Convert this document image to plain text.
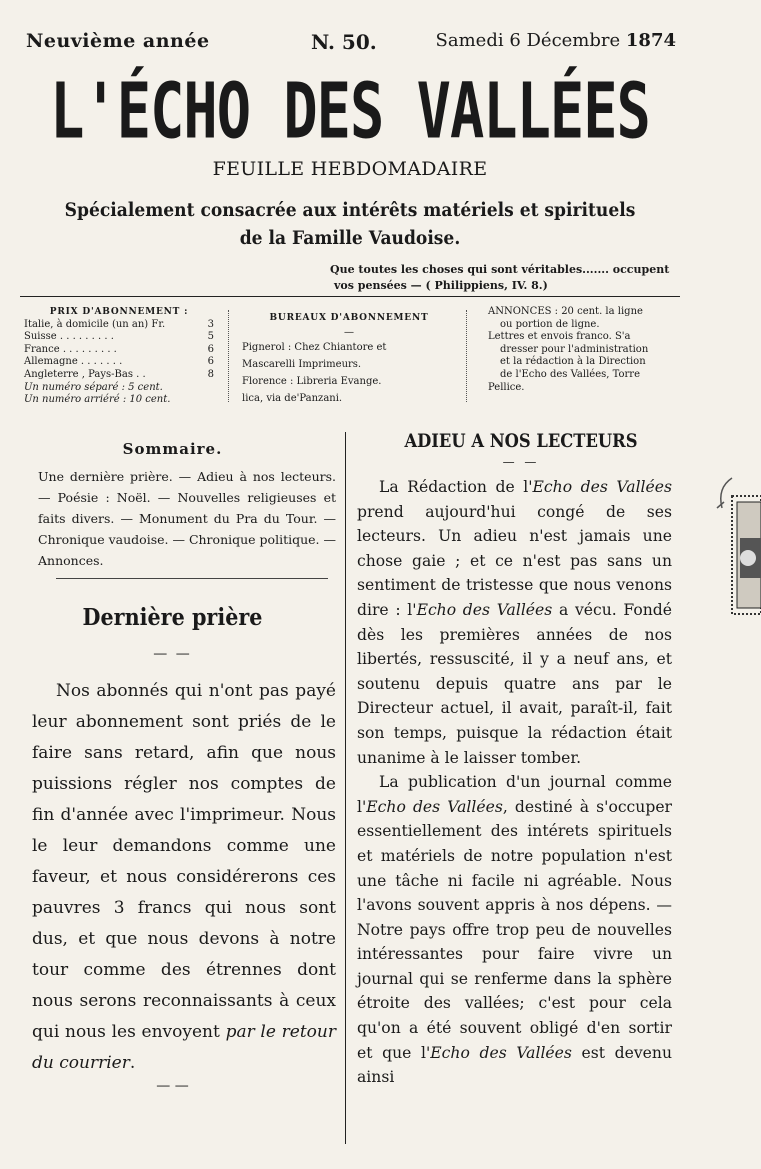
Neuvième année	N. 50.	Samedi 6 Décembre 1874
L'ÉCHO DES VALLÉES
FEUILLE HEBDOMADAIRE
Spécialement consacrée aux intérêts matériels et spirituels
de la Famille Vaudoise.
Que toutes les choses qui sont véritables....... occupent
vos pensées — ( Philippiens, IV. 8.)
PRIX D'ABONNEMENT :
Italie, à domicile (un an) Fr.	3
Suisse . . . . . . . . .	5
France . . . . . . . . .	6
Allemagne . . . . . . .	6
Angleterre , Pays-Bas . .	8
Un numéro séparé : 5 cent.
Un numéro arriéré : 10 cent.
BUREAUX D'ABONNEMENT
—
Pignerol : Chez Chiantore et
Mascarelli Imprimeurs.
Florence : Libreria Evange.
lica, via de'Panzani.
ANNONCES : 20 cent. la ligne
ou portion de ligne.
Lettres et envois franco. S'a
dresser pour l'administration
et la rédaction à la Direction
de l'Echo des Vallées, Torre
Pellice.
Sommaire.
Une dernière prière. — Adieu à nos lecteurs. — Poésie : Noël. — Nouvelles religieuses et faits divers. — Monument du Pra du Tour. — Chronique vaudoise. — Chronique politique. — Annonces.
Dernière prière
— —
Nos abonnés qui n'ont pas payé leur abonnement sont priés de le faire sans retard, afin que nous puissions régler nos comptes de fin d'année avec l'imprimeur. Nous le leur demandons comme une faveur, et nous considérerons ces pauvres 3 francs qui nous sont dus, et que nous devons à notre tour comme des étrennes dont nous serons reconnaissants à ceux qui nous les envoyent par le retour du courrier.
— —
ADIEU A NOS LECTEURS
— —

La Rédaction de l'Echo des Vallées prend aujourd'hui congé de ses lecteurs. Un adieu n'est jamais une chose gaie ; et ce n'est pas sans un sentiment de tristesse que nous venons dire : l'Echo des Vallées a vécu. Fondé dès les premières années de nos libertés, ressuscité, il y a neuf ans, et soutenu depuis quatre ans par le Directeur actuel, il avait, paraît-il, fait son temps, puisque la rédaction était unanime à le laisser tomber.

La publication d'un journal comme l'Echo des Vallées, destiné à s'occuper essentiellement des intérets spirituels et matériels de notre population n'est une tâche ni facile ni agréable. Nous l'avons souvent appris à nos dépens. — Notre pays offre trop peu de nouvelles intéressantes pour faire vivre un journal qui se renferme dans la sphère étroite des vallées; c'est pour cela qu'on a été souvent obligé d'en sortir et que l'Echo des Vallées est devenu ainsi
